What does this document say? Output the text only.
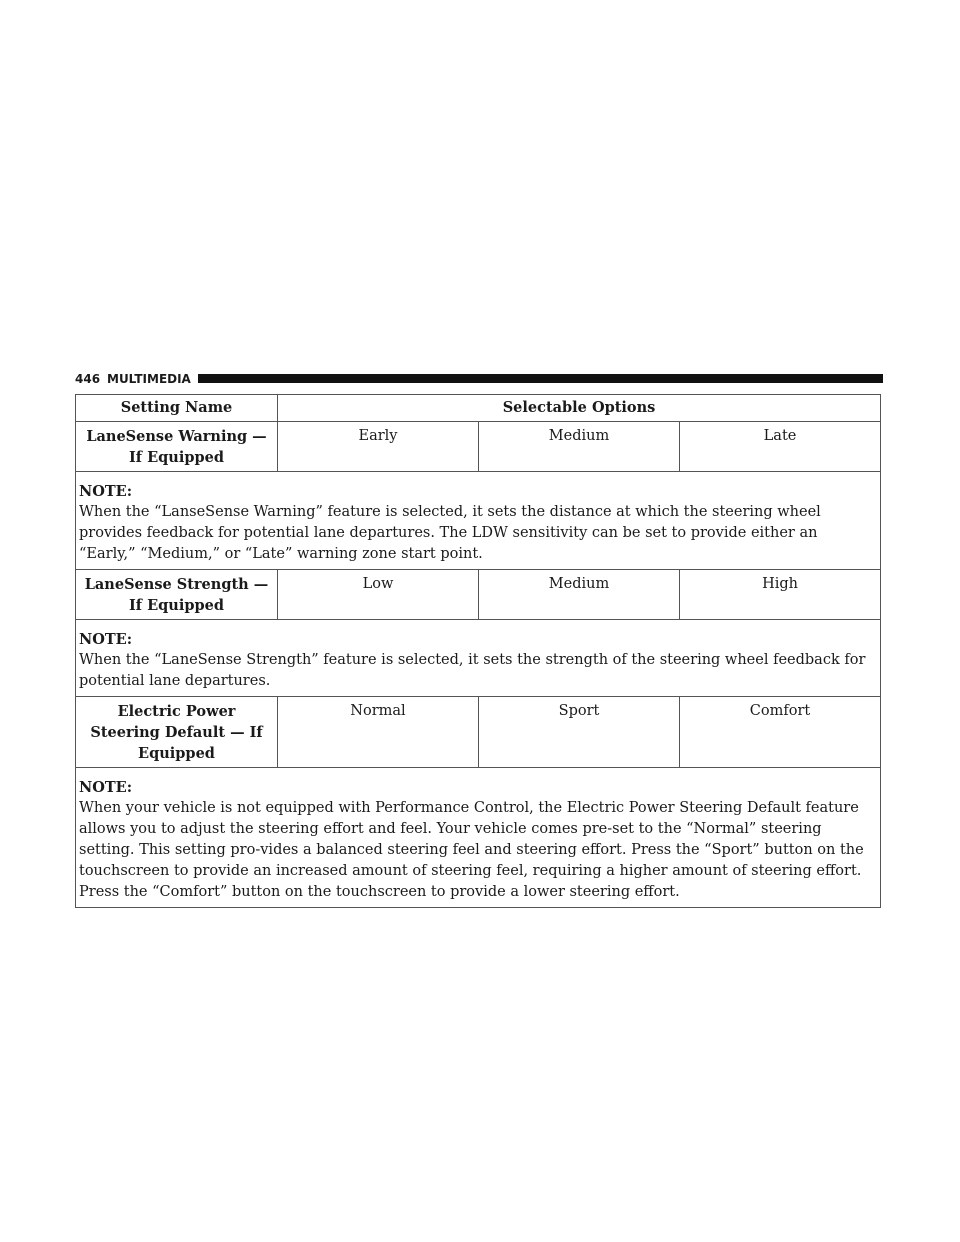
446 MULTIMEDIA
Setting Name	Selectable Options		
LaneSense Warning — If Equipped	Early	Medium	Late

NOTE:
When the “LanseSense Warning” feature is selected, it sets the distance at which the steering wheel provides feedback for potential lane departures. The LDW sensitivity can be set to provide either an “Early,” “Medium,” or “Late” warning zone start point.			

LaneSense Strength — If Equipped	Low	Medium	High

NOTE:
When the “LaneSense Strength” feature is selected, it sets the strength of the steering wheel feedback for potential lane departures.			

Electric Power Steering Default — If Equipped	Normal	Sport	Comfort

NOTE:
When your vehicle is not equipped with Performance Control, the Electric Power Steering Default feature allows you to adjust the steering effort and feel. Your vehicle comes pre-set to the “Normal” steering setting. This setting pro-vides a balanced steering feel and steering effort. Press the “Sport” button on the touchscreen to provide an increased amount of steering feel, requiring a higher amount of steering effort. Press the “Comfort” button on the touchscreen to provide a lower steering effort.			
